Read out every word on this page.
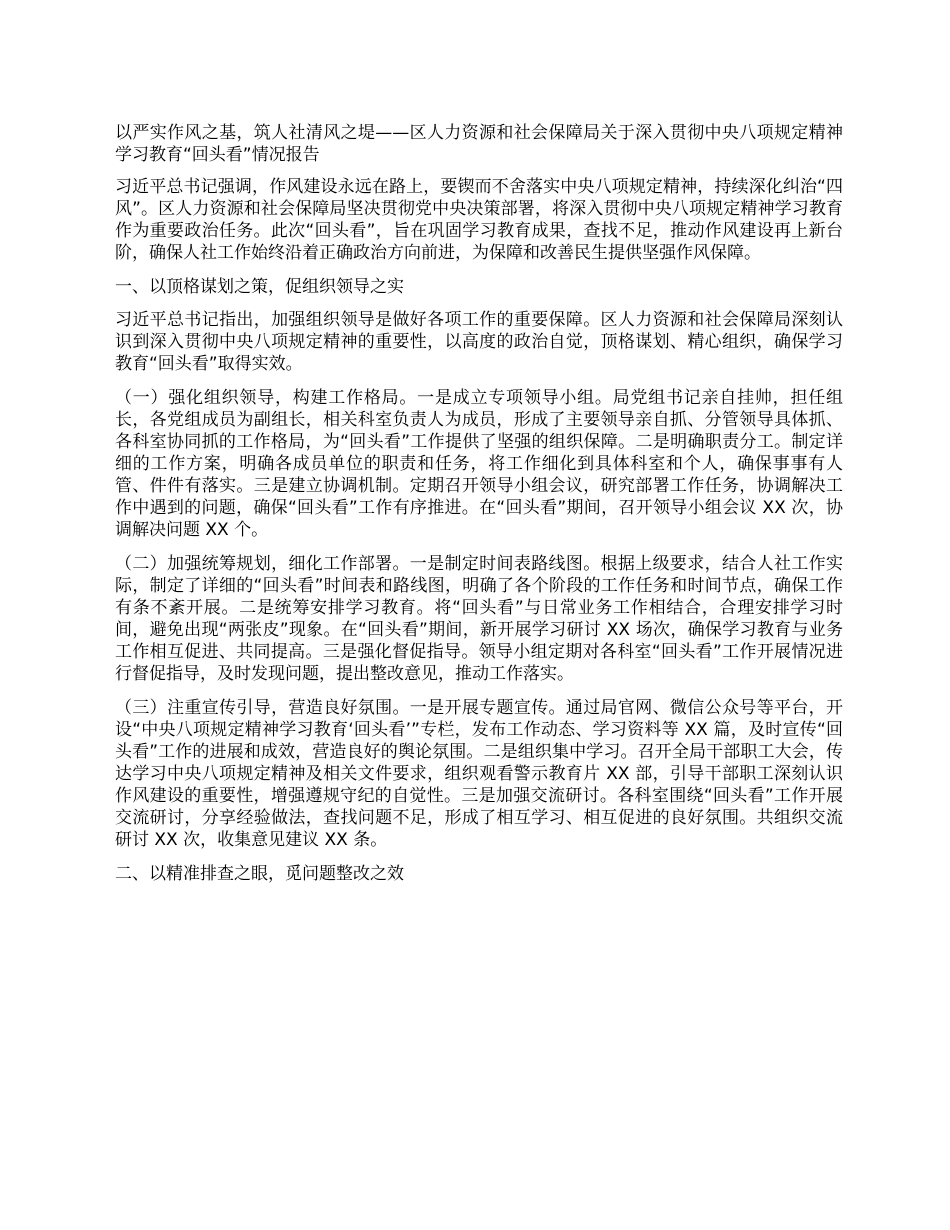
以严实作风之基，筑人社清风之堤——区人力资源和社会保障局关于深入贯彻中央八项规定精神学习教育“回头看”情况报告

习近平总书记强调，作风建设永远在路上，要锲而不舍落实中央八项规定精神，持续深化纠治“四风”。区人力资源和社会保障局坚决贯彻党中央决策部署，将深入贯彻中央八项规定精神学习教育作为重要政治任务。此次“回头看”，旨在巩固学习教育成果，查找不足，推动作风建设再上新台阶，确保人社工作始终沿着正确政治方向前进，为保障和改善民生提供坚强作风保障。

一、以顶格谋划之策，促组织领导之实

习近平总书记指出，加强组织领导是做好各项工作的重要保障。区人力资源和社会保障局深刻认识到深入贯彻中央八项规定精神的重要性，以高度的政治自觉，顶格谋划、精心组织，确保学习教育“回头看”取得实效。

（一）强化组织领导，构建工作格局。一是成立专项领导小组。局党组书记亲自挂帅，担任组长，各党组成员为副组长，相关科室负责人为成员，形成了主要领导亲自抓、分管领导具体抓、各科室协同抓的工作格局，为“回头看”工作提供了坚强的组织保障。二是明确职责分工。制定详细的工作方案，明确各成员单位的职责和任务，将工作细化到具体科室和个人，确保事事有人管、件件有落实。三是建立协调机制。定期召开领导小组会议，研究部署工作任务，协调解决工作中遇到的问题，确保“回头看”工作有序推进。在“回头看”期间，召开领导小组会议 XX 次，协调解决问题 XX 个。

（二）加强统筹规划，细化工作部署。一是制定时间表路线图。根据上级要求，结合人社工作实际，制定了详细的“回头看”时间表和路线图，明确了各个阶段的工作任务和时间节点，确保工作有条不紊开展。二是统筹安排学习教育。将“回头看”与日常业务工作相结合，合理安排学习时间，避免出现“两张皮”现象。在“回头看”期间，新开展学习研讨 XX 场次，确保学习教育与业务工作相互促进、共同提高。三是强化督促指导。领导小组定期对各科室“回头看”工作开展情况进行督促指导，及时发现问题，提出整改意见，推动工作落实。

（三）注重宣传引导，营造良好氛围。一是开展专题宣传。通过局官网、微信公众号等平台，开设“中央八项规定精神学习教育‘回头看’”专栏，发布工作动态、学习资料等 XX 篇，及时宣传“回头看”工作的进展和成效，营造良好的舆论氛围。二是组织集中学习。召开全局干部职工大会，传达学习中央八项规定精神及相关文件要求，组织观看警示教育片 XX 部，引导干部职工深刻认识作风建设的重要性，增强遵规守纪的自觉性。三是加强交流研讨。各科室围绕“回头看”工作开展交流研讨，分享经验做法，查找问题不足，形成了相互学习、相互促进的良好氛围。共组织交流研讨 XX 次，收集意见建议 XX 条。

二、以精准排查之眼，觅问题整改之效
